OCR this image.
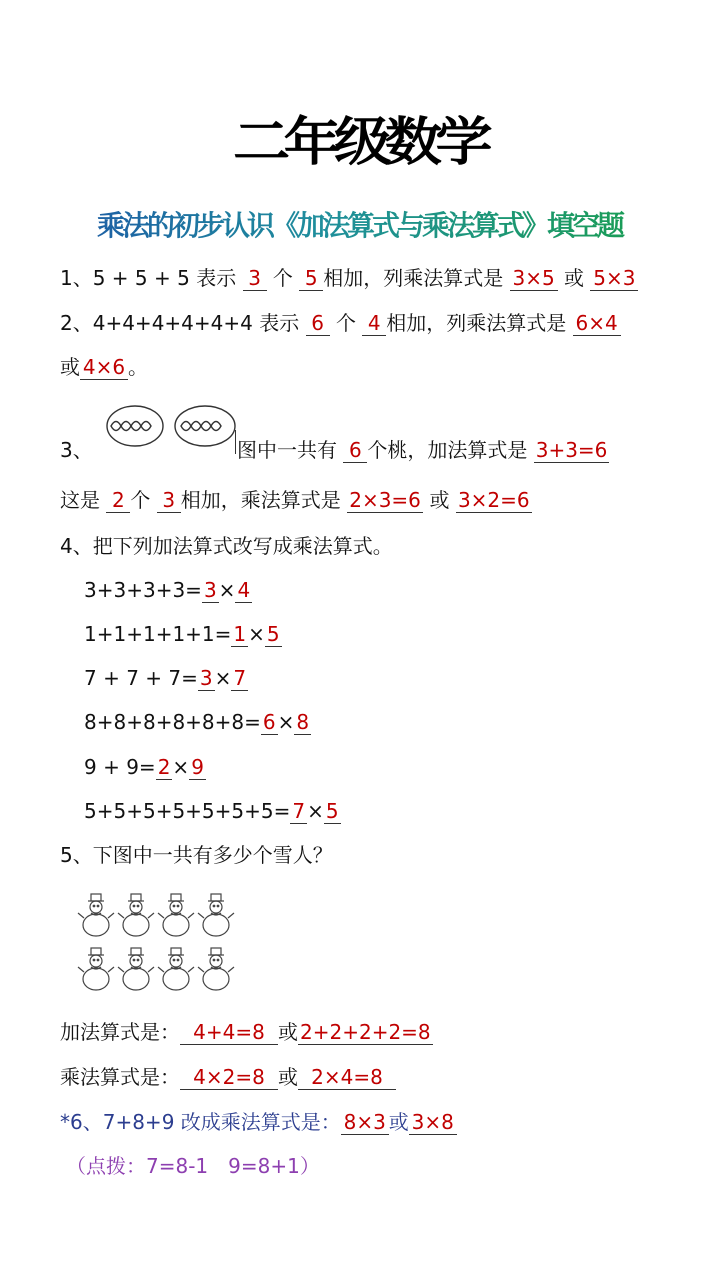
二年级数学
乘法的初步认识《加法算式与乘法算式》填空题
1、5 + 5 + 5 表示 3 个 5 相加，列乘法算式是 3×5 或 5×3
2、4+4+4+4+4+4 表示 6 个 4 相加，列乘法算式是 6×4
或 4×6 。
3、	图中一共有 6 个桃，加法算式是 3+3=6
这是 2 个 3 相加，乘法算式是 2×3=6 或 3×2=6
4、把下列加法算式改写成乘法算式。
3+3+3+3= 3 × 4
1+1+1+1+1= 1 × 5
7 + 7 + 7= 3 × 7
8+8+8+8+8+8= 6 × 8
9 + 9= 2 × 9
5+5+5+5+5+5+5= 7 × 5
5、下图中一共有多少个雪人？
加法算式是： 4+4=8 或 2+2+2+2=8
乘法算式是： 4×2=8 或 2×4=8
*6、7+8+9 改成乘法算式是： 8×3 或 3×8
（点拨：7=8-1　9=8+1）
